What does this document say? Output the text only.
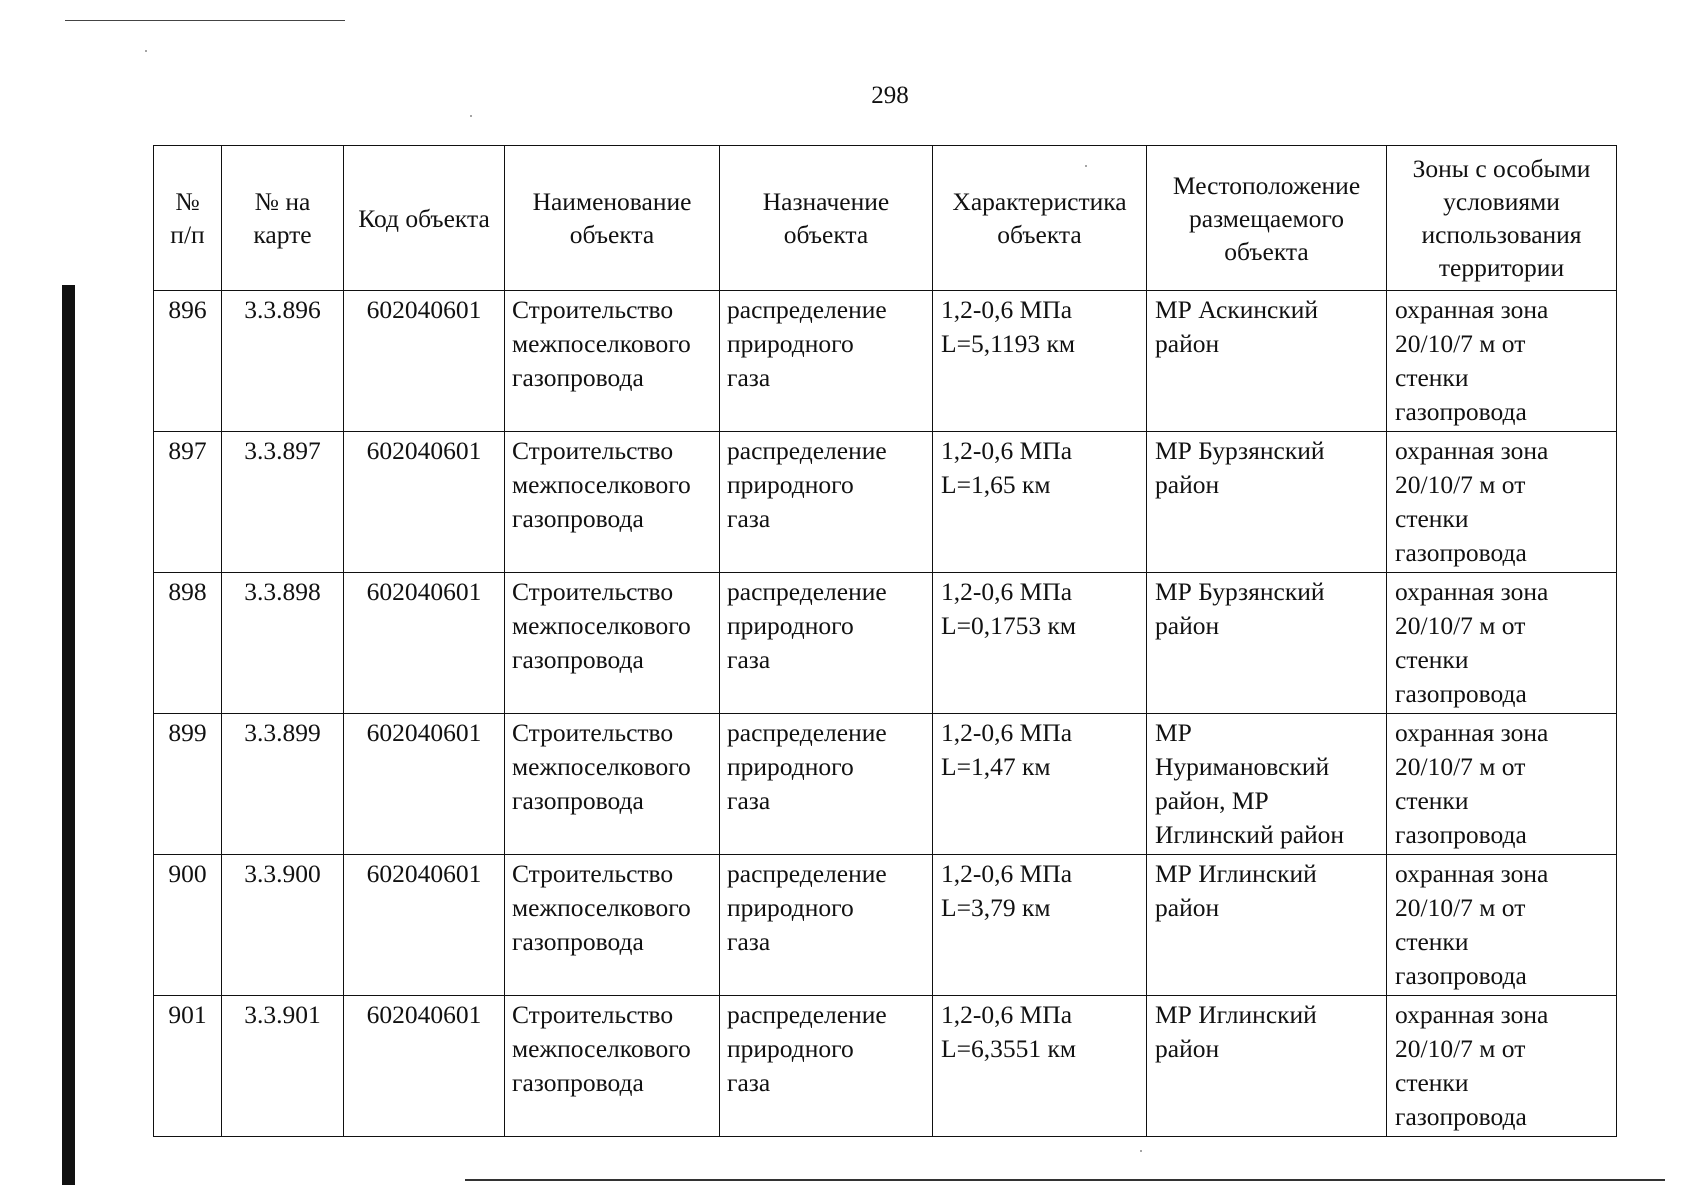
298
№
п/п	№ на
карте	Код объекта	Наименование
объекта	Назначение
объекта	Характеристика
объекта	Местоположение
размещаемого
объекта	Зоны с особыми
условиями
использования
территории

896	3.3.896	602040601	Строительство
межпоселкового
газопровода	распределение
природного
газа	1,2-0,6 МПа
L=5,1193 км	МР Аскинский
район	охранная зона
20/10/7 м от
стенки
газопровода

897	3.3.897	602040601	Строительство
межпоселкового
газопровода	распределение
природного
газа	1,2-0,6 МПа
L=1,65 км	МР Бурзянский
район	охранная зона
20/10/7 м от
стенки
газопровода

898	3.3.898	602040601	Строительство
межпоселкового
газопровода	распределение
природного
газа	1,2-0,6 МПа
L=0,1753 км	МР Бурзянский
район	охранная зона
20/10/7 м от
стенки
газопровода

899	3.3.899	602040601	Строительство
межпоселкового
газопровода	распределение
природного
газа	1,2-0,6 МПа
L=1,47 км	МР
Нуримановский
район, МР
Иглинский район	охранная зона
20/10/7 м от
стенки
газопровода

900	3.3.900	602040601	Строительство
межпоселкового
газопровода	распределение
природного
газа	1,2-0,6 МПа
L=3,79 км	МР Иглинский
район	охранная зона
20/10/7 м от
стенки
газопровода

901	3.3.901	602040601	Строительство
межпоселкового
газопровода	распределение
природного
газа	1,2-0,6 МПа
L=6,3551 км	МР Иглинский
район	охранная зона
20/10/7 м от
стенки
газопровода
